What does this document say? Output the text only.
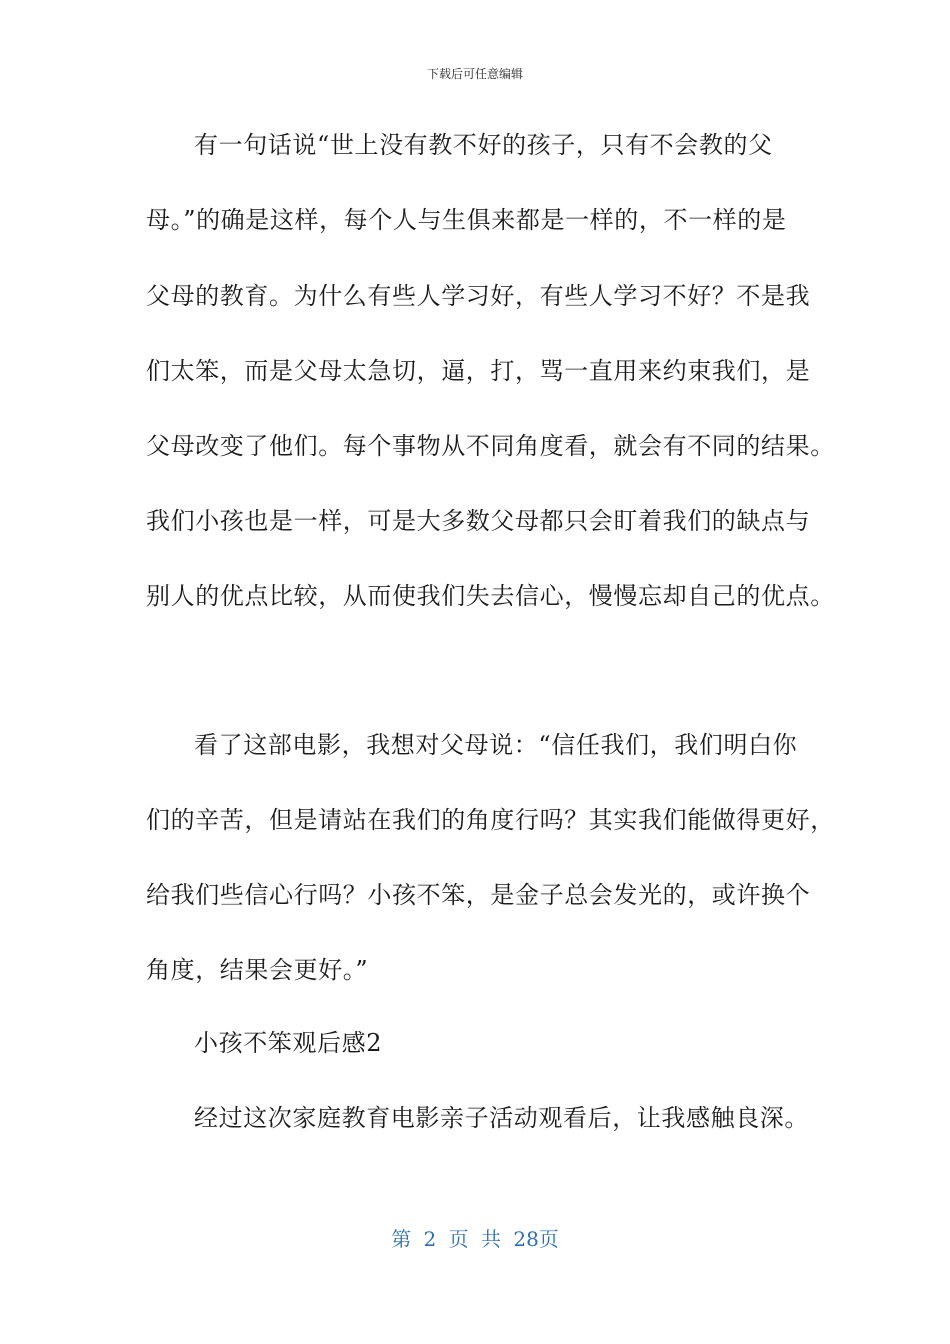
下载后可任意编辑
有一句话说“世上没有教不好的孩子，只有不会教的父
母。”的确是这样，每个人与生俱来都是一样的，不一样的是
父母的教育。为什么有些人学习好，有些人学习不好？不是我
们太笨，而是父母太急切，逼，打，骂一直用来约束我们，是
父母改变了他们。每个事物从不同角度看，就会有不同的结果。
我们小孩也是一样，可是大多数父母都只会盯着我们的缺点与
别人的优点比较，从而使我们失去信心，慢慢忘却自己的优点。
看了这部电影，我想对父母说：“信任我们，我们明白你
们的辛苦，但是请站在我们的角度行吗？其实我们能做得更好，
给我们些信心行吗？小孩不笨，是金子总会发光的，或许换个
角度，结果会更好。”
小孩不笨观后感2
经过这次家庭教育电影亲子活动观看后，让我感触良深。
第 2 页 共 28页
